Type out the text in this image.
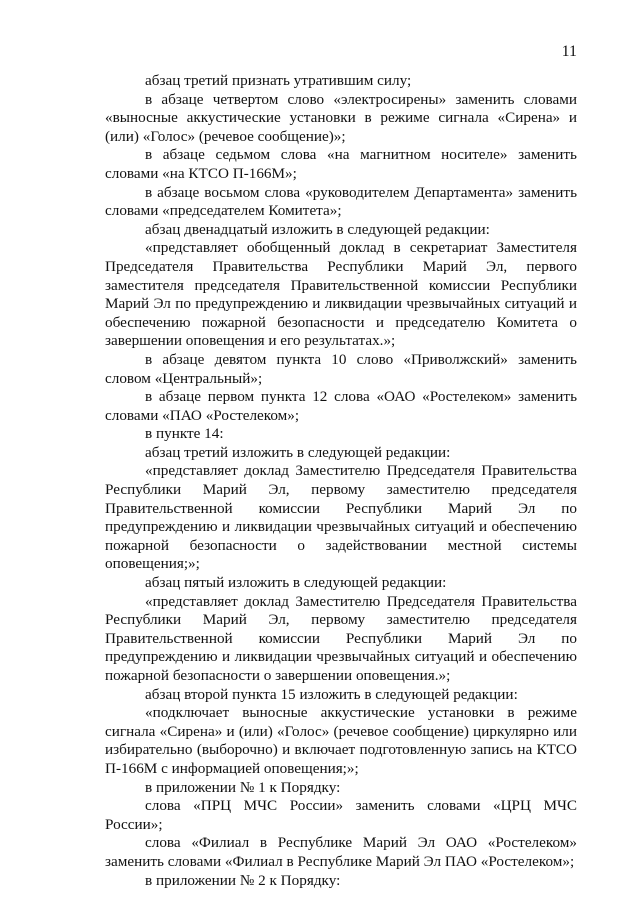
11

абзац третий признать утратившим силу;

в абзаце четвертом слово «электросирены» заменить словами «выносные аккустические установки в режиме сигнала «Сирена» и (или) «Голос» (речевое сообщение)»;

в абзаце седьмом слова «на магнитном носителе» заменить словами «на КТСО П-166М»;

в абзаце восьмом слова «руководителем Департамента» заменить словами «председателем Комитета»;

абзац двенадцатый изложить в следующей редакции:

«представляет обобщенный доклад в секретариат Заместителя Председателя Правительства Республики Марий Эл, первого заместителя председателя Правительственной комиссии Республики Марий Эл по предупреждению и ликвидации чрезвычайных ситуаций и обеспечению пожарной безопасности и председателю Комитета о завершении оповещения и его результатах.»;

в абзаце девятом пункта 10 слово «Приволжский» заменить словом «Центральный»;

в абзаце первом пункта 12 слова «ОАО «Ростелеком» заменить словами «ПАО «Ростелеком»;

в пункте 14:

абзац третий изложить в следующей редакции:

«представляет доклад Заместителю Председателя Правительства Республики Марий Эл, первому заместителю председателя Правительственной комиссии Республики Марий Эл по предупреждению и ликвидации чрезвычайных ситуаций и обеспечению пожарной безопасности о задействовании местной системы оповещения;»;

абзац пятый изложить в следующей редакции:

«представляет доклад Заместителю Председателя Правительства Республики Марий Эл, первому заместителю председателя Правительственной комиссии Республики Марий Эл по предупреждению и ликвидации чрезвычайных ситуаций и обеспечению пожарной безопасности о завершении оповещения.»;

абзац второй пункта 15 изложить в следующей редакции:

«подключает выносные аккустические установки в режиме сигнала «Сирена» и (или) «Голос» (речевое сообщение) циркулярно или избирательно (выборочно) и включает подготовленную запись на КТСО П-166М с информацией оповещения;»;

в приложении № 1 к Порядку:

слова «ПРЦ МЧС России» заменить словами «ЦРЦ МЧС России»;

слова «Филиал в Республике Марий Эл ОАО «Ростелеком» заменить словами «Филиал в Республике Марий Эл ПАО «Ростелеком»;

в приложении № 2 к Порядку:
